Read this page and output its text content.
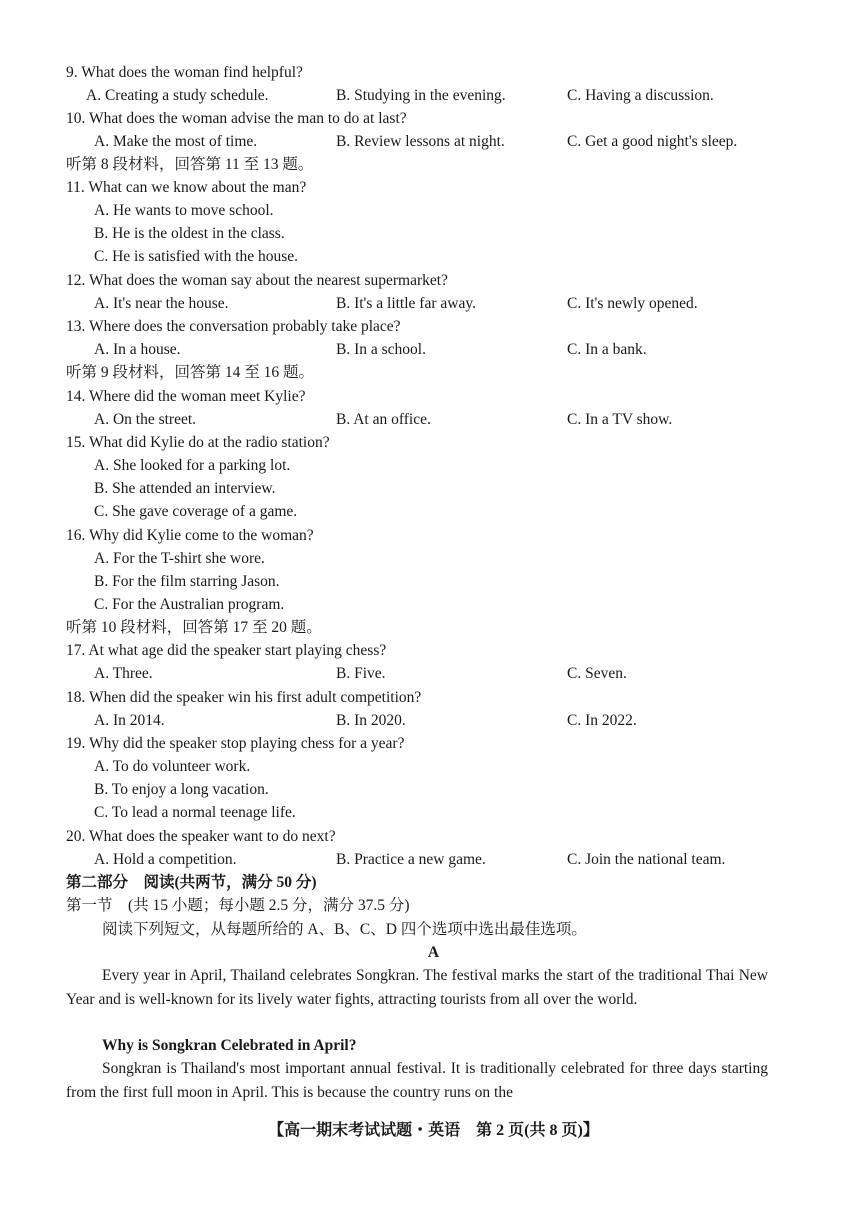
9. What does the woman find helpful?
A. Creating a study schedule.	B. Studying in the evening.	C. Having a discussion.
10. What does the woman advise the man to do at last?
A. Make the most of time.	B. Review lessons at night.	C. Get a good night's sleep.
听第 8 段材料，回答第 11 至 13 题。
11. What can we know about the man?
A. He wants to move school.
B. He is the oldest in the class.
C. He is satisfied with the house.
12. What does the woman say about the nearest supermarket?
A. It's near the house.	B. It's a little far away.	C. It's newly opened.
13. Where does the conversation probably take place?
A. In a house.	B. In a school.	C. In a bank.
听第 9 段材料，回答第 14 至 16 题。
14. Where did the woman meet Kylie?
A. On the street.	B. At an office.	C. In a TV show.
15. What did Kylie do at the radio station?
A. She looked for a parking lot.
B. She attended an interview.
C. She gave coverage of a game.
16. Why did Kylie come to the woman?
A. For the T-shirt she wore.
B. For the film starring Jason.
C. For the Australian program.
听第 10 段材料，回答第 17 至 20 题。
17. At what age did the speaker start playing chess?
A. Three.	B. Five.	C. Seven.
18. When did the speaker win his first adult competition?
A. In 2014.	B. In 2020.	C. In 2022.
19. Why did the speaker stop playing chess for a year?
A. To do volunteer work.
B. To enjoy a long vacation.
C. To lead a normal teenage life.
20. What does the speaker want to do next?
A. Hold a competition.	B. Practice a new game.	C. Join the national team.
第二部分　阅读(共两节，满分 50 分)
第一节　(共 15 小题；每小题 2.5 分，满分 37.5 分)
阅读下列短文，从每题所给的 A、B、C、D 四个选项中选出最佳选项。
A
Every year in April, Thailand celebrates Songkran. The festival marks the start of the traditional Thai New Year and is well-known for its lively water fights, attracting tourists from all over the world.
Why is Songkran Celebrated in April?
Songkran is Thailand's most important annual festival. It is traditionally celebrated for three days starting from the first full moon in April. This is because the country runs on the
【高一期末考试试题・英语　第 2 页(共 8 页)】
